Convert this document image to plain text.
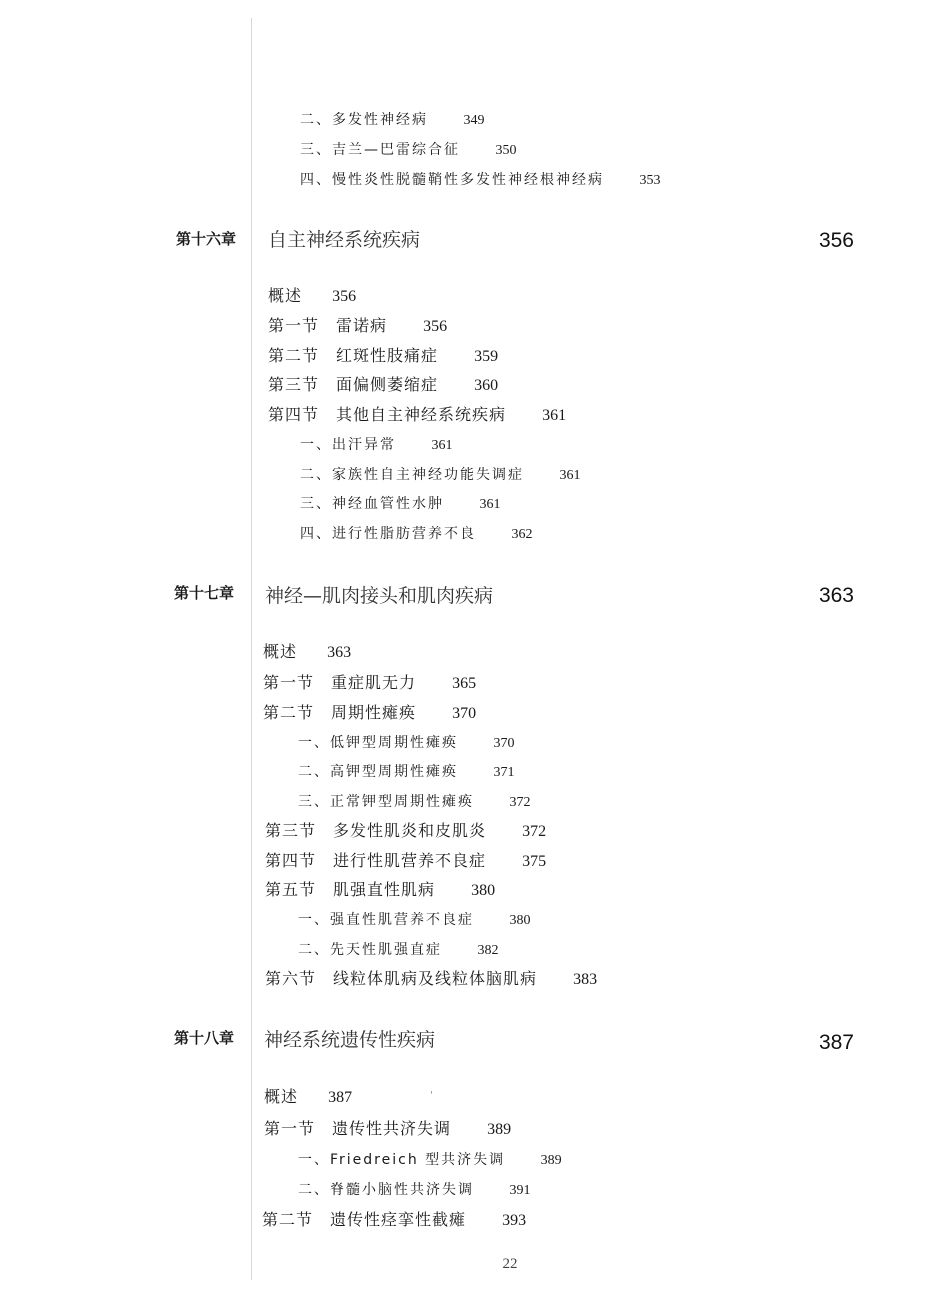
二、多发性神经病	349
三、吉兰—巴雷综合征	350
四、慢性炎性脱髓鞘性多发性神经根神经病	353
第十六章 自主神经系统疾病	356
概述 356
第一节　雷诺病 356
第二节　红斑性肢痛症 359
第三节　面偏侧萎缩症 360
第四节　其他自主神经系统疾病 361
一、出汗异常	361
二、家族性自主神经功能失调症	361
三、神经血管性水肿	361
四、进行性脂肪营养不良	362
第十七章 神经—肌肉接头和肌肉疾病	363
概述 363
第一节　重症肌无力 365
第二节　周期性瘫痪 370
一、低钾型周期性瘫痪	370
二、高钾型周期性瘫痪	371
三、正常钾型周期性瘫痪	372
第三节　多发性肌炎和皮肌炎 372
第四节　进行性肌营养不良症 375
第五节　肌强直性肌病 380
一、强直性肌营养不良症	380
二、先天性肌强直症	382
第六节　线粒体肌病及线粒体脑肌病 383
第十八章 神经系统遗传性疾病	387
概述 387
第一节　遗传性共济失调 389
一、Friedreich 型共济失调	389
二、脊髓小脑性共济失调	391
第二节　遗传性痉挛性截瘫 393
'
22
